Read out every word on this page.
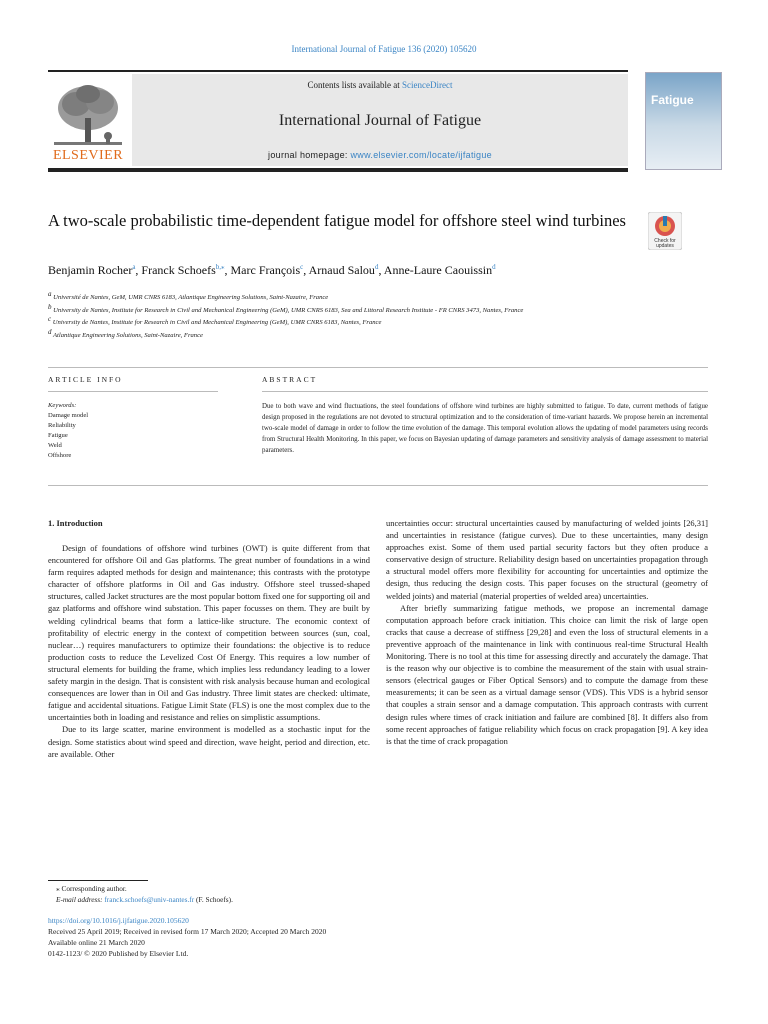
International Journal of Fatigue 136 (2020) 105620
ELSEVIER
Contents lists available at ScienceDirect
International Journal of Fatigue
journal homepage: www.elsevier.com/locate/ijfatigue
Fatigue
A two-scale probabilistic time-dependent fatigue model for offshore steel wind turbines
Check for
updates
Benjamin Rocher$^a$, Franck Schoefs$^{b,⁎}$, Marc François$^c$, Arnaud Salou$^d$, Anne-Laure Caouissin$^d$
$^a$ Université de Nantes, GeM, UMR CNRS 6183, Atlantique Engineering Solutions, Saint-Nazaire, France
$^b$ University de Nantes, Institute for Research in Civil and Mechanical Engineering (GeM), UMR CNRS 6183, Sea and Littoral Research Institute - FR CNRS 3473, Nantes, France
$^c$ University de Nantes, Institute for Research in Civil and Mechanical Engineering (GeM), UMR CNRS 6183, Nantes, France
$^d$ Atlantique Engineering Solutions, Saint-Nazaire, France
ARTICLE INFO	ABSTRACT
Keywords:
Damage model
Reliability
Fatigue
Weld
Offshore
Due to both wave and wind fluctuations, the steel foundations of offshore wind turbines are highly submitted to fatigue. To date, current methods of fatigue design proposed in the regulations are not devoted to structural optimization and to the consideration of time-variant hazards. We propose herein an incremental two-scale model of damage in order to follow the time evolution of the damage. This temporal evolution allows the updating of model parameters using records from Structural Health Monitoring. In this paper, we focus on Bayesian updating of damage parameters and sensitivity analysis of damage assessment to material parameters.
1. Introduction

Design of foundations of offshore wind turbines (OWT) is quite different from that encountered for offshore Oil and Gas platforms. The great number of foundations in a wind farm requires adapted methods for design and maintenance; this contrasts with the prototype character of offshore platforms in Oil and Gas industry. Offshore steel trussed-shaped structures, called Jacket structures are the most popular bottom fixed one for supporting oil and gaz platforms and offshore wind substation. This paper focusses on them. They are built by welding cylindrical beams that form a lattice-like structure. The economic context of profitability of electric energy in the context of competition between sources (sun, coal, nuclear…) requires manufacturers to optimize their foundations: the objective is to reduce production costs to reduce the Levelized Cost Of Energy. This requires a low number of structural elements for building the frame, which implies less redundancy leading to a lower safety margin in the design. That is consistent with risk analysis because human and ecological consequences are lower than in Oil and Gas industry. Three limit states are checked: ultimate, fatigue and accidental situations. Fatigue Limit State (FLS) is one the most complex due to the uncertainties both in loading and resistance and relies on simplistic assumptions.

Due to its large scatter, marine environment is modelled as a stochastic input for the design. Some statistics about wind speed and direction, wave height, period and direction, etc. are available. Other

uncertainties occur: structural uncertainties caused by manufacturing of welded joints [26,31] and uncertainties in resistance (fatigue curves). Due to these uncertainties, many design approaches exist. Some of them used partial security factors but they often produce a conservative design of structure. Reliability design based on uncertainties propagation through a structural model offers more flexibility for accounting for uncertainties and optimize the design, thus reducing the design costs. This paper focuses on the structural (geometry of welded joints) and material (material properties of welded area) uncertainties.

After briefly summarizing fatigue methods, we propose an incremental damage computation approach before crack initiation. This choice can limit the risk of large open cracks that cause a decrease of stiffness [29,28] and even the loss of structural elements in a preventive approach of the maintenance in link with continuous real-time Structural Health Monitoring. There is no tool at this time for assessing directly and accurately the damage. That is the reason why our objective is to combine the measurement of the stain with usual strain-sensors (electrical gauges or Fiber Optical Sensors) and to compute the damage from these measurements; it can be seen as a virtual damage sensor (VDS). This VDS is a hybrid sensor that couples a strain sensor and a damage computation. This approach contrasts with current design rules where times of crack initiation and failure are combined [8]. It differs also from some recent approaches of fatigue reliability which focus on crack propagation [9]. A key idea is that the time of crack propagation

⁎ Corresponding author.
E-mail address: franck.schoefs@univ-nantes.fr (F. Schoefs).
https://doi.org/10.1016/j.ijfatigue.2020.105620
Received 25 April 2019; Received in revised form 17 March 2020; Accepted 20 March 2020
Available online 21 March 2020
0142-1123/ © 2020 Published by Elsevier Ltd.
